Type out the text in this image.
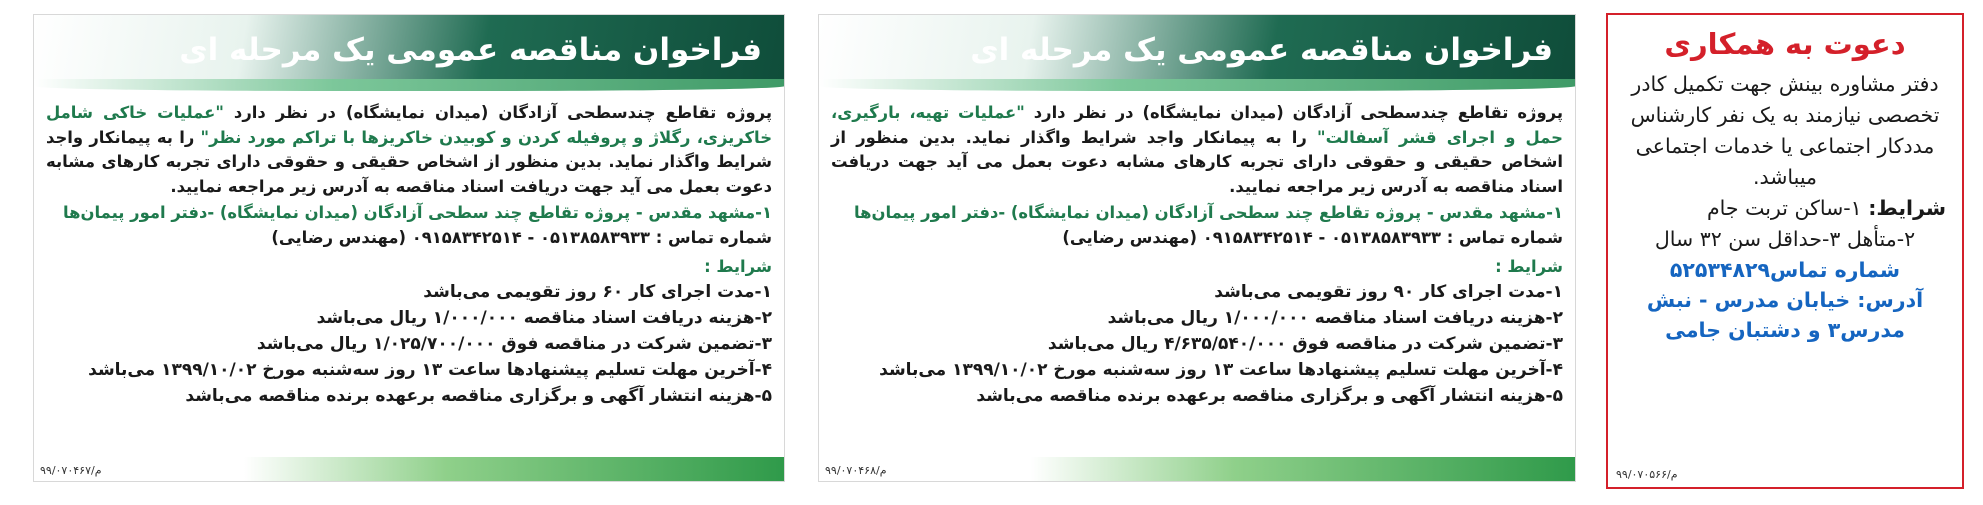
فراخوان مناقصه عمومی یک مرحله ای

پروژه تقاطع چندسطحی آزادگان (میدان نمایشگاه) در نظر دارد "عملیات خاکی شامل خاکریزی، رگلاژ و پروفیله کردن و کوبیدن خاکریزها با تراکم مورد نظر" را به پیمانکار واجد شرایط واگذار نماید. بدین منظور از اشخاص حقیقی و حقوقی دارای تجربه کارهای مشابه دعوت بعمل می آید جهت دریافت اسناد مناقصه به آدرس زیر مراجعه نمایید.

۱-مشهد مقدس - پروژه تقاطع چند سطحی آزادگان (میدان نمایشگاه) -دفتر امور پیمان‌ها
شماره تماس : ۰۵۱۳۸۵۸۳۹۳۳ - ۰۹۱۵۸۳۴۲۵۱۴ (مهندس رضایی)
شرایط :
۱-مدت اجرای کار ۶۰ روز تقویمی می‌باشد
۲-هزینه دریافت اسناد مناقصه ۱/۰۰۰/۰۰۰ ریال می‌باشد
۳-تضمین شرکت در مناقصه فوق ۱/۰۲۵/۷۰۰/۰۰۰ ریال می‌باشد
۴-آخرین مهلت تسلیم پیشنهادها ساعت ۱۳ روز سه‌شنبه مورخ ۱۳۹۹/۱۰/۰۲ می‌باشد
۵-هزینه انتشار آگهی و برگزاری مناقصه برعهده برنده مناقصه می‌باشد
م/۹۹/۰۷۰۴۶۷
فراخوان مناقصه عمومی یک مرحله ای

پروژه تقاطع چندسطحی آزادگان (میدان نمایشگاه) در نظر دارد "عملیات تهیه، بارگیری، حمل و اجرای قشر آسفالت" را به پیمانکار واجد شرایط واگذار نماید. بدین منظور از اشخاص حقیقی و حقوقی دارای تجربه کارهای مشابه دعوت بعمل می آید جهت دریافت اسناد مناقصه به آدرس زیر مراجعه نمایید.

۱-مشهد مقدس - پروژه تقاطع چند سطحی آزادگان (میدان نمایشگاه) -دفتر امور پیمان‌ها
شماره تماس : ۰۵۱۳۸۵۸۳۹۳۳ - ۰۹۱۵۸۳۴۲۵۱۴ (مهندس رضایی)
شرایط :
۱-مدت اجرای کار ۹۰ روز تقویمی می‌باشد
۲-هزینه دریافت اسناد مناقصه ۱/۰۰۰/۰۰۰ ریال می‌باشد
۳-تضمین شرکت در مناقصه فوق ۴/۶۳۵/۵۴۰/۰۰۰ ریال می‌باشد
۴-آخرین مهلت تسلیم پیشنهادها ساعت ۱۳ روز سه‌شنبه مورخ ۱۳۹۹/۱۰/۰۲ می‌باشد
۵-هزینه انتشار آگهی و برگزاری مناقصه برعهده برنده مناقصه می‌باشد
م/۹۹/۰۷۰۴۶۸
دعوت به همکاری
دفتر مشاوره بینش جهت تکمیل کادر تخصصی نیازمند به یک نفر کارشناس مددکار اجتماعی یا خدمات اجتماعی میباشد.
شرایط: ۱-ساکن تربت جام
۲-متأهل ۳-حداقل سن ۳۲ سال
شماره تماس۵۲۵۳۴۸۲۹
آدرس: خیابان مدرس - نبش مدرس۳ و دشتبان جامی
م/۹۹/۰۷۰۵۶۶
